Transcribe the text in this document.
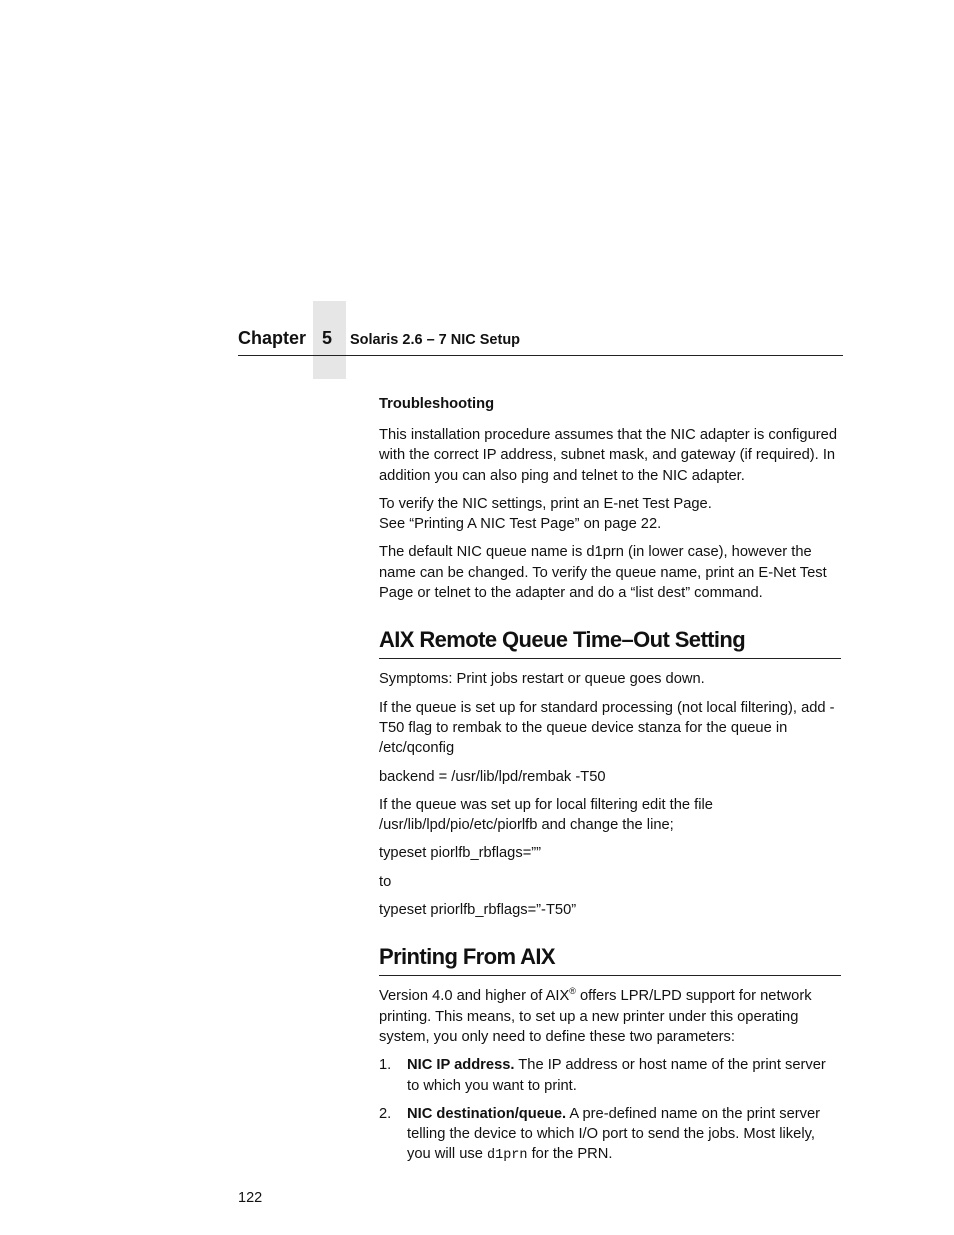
Chapter 5 Solaris 2.6 – 7 NIC Setup

Troubleshooting

This installation procedure assumes that the NIC adapter is configured with the correct IP address, subnet mask, and gateway (if required). In addition you can also ping and telnet to the NIC adapter.

To verify the NIC settings, print an E-net Test Page.
See “Printing A NIC Test Page” on page 22.

The default NIC queue name is d1prn (in lower case), however the name can be changed. To verify the queue name, print an E-Net Test Page or telnet to the adapter and do a “list dest” command.

AIX Remote Queue Time–Out Setting

Symptoms: Print jobs restart or queue goes down.

If the queue is set up for standard processing (not local filtering), add -T50 flag to rembak to the queue device stanza for the queue in /etc/qconfig

backend = /usr/lib/lpd/rembak -T50

If the queue was set up for local filtering edit the file
/usr/lib/lpd/pio/etc/piorlfb and change the line;

typeset piorlfb_rbflags=””

to

typeset priorlfb_rbflags=”-T50”

Printing From AIX

Version 4.0 and higher of AIX® offers LPR/LPD support for network printing. This means, to set up a new printer under this operating system, you only need to define these two parameters:

1. NIC IP address. The IP address or host name of the print server to which you want to print.
2. NIC destination/queue. A pre-defined name on the print server telling the device to which I/O port to send the jobs. Most likely, you will use d1prn for the PRN.
122
